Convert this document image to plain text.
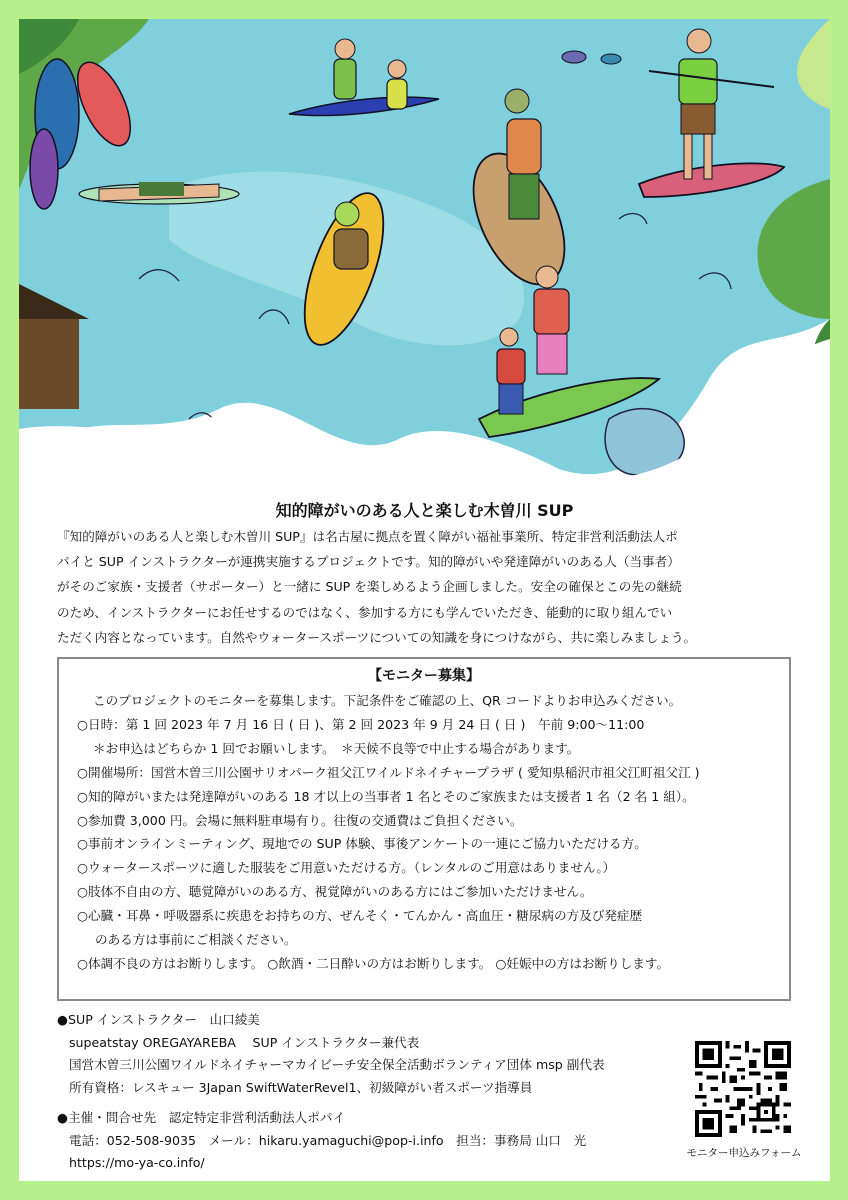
知的障がいのある人と楽しむ木曽川 SUP
『知的障がいのある人と楽しむ木曽川 SUP』は名古屋に拠点を置く障がい福祉事業所、特定非営利活動法人ポ
パイと SUP インストラクターが連携実施するプロジェクトです。知的障がいや発達障がいのある人（当事者）
がそのご家族・支援者（サポーター）と一緒に SUP を楽しめるよう企画しました。安全の確保とこの先の継続
のため、インストラクターにお任せするのではなく、参加する方にも学んでいただき、能動的に取り組んでい
ただく内容となっています。自然やウォータースポーツについての知識を身につけながら、共に楽しみましょう。
【モニター募集】
このプロジェクトのモニターを募集します。下記条件をご確認の上、QR コードよりお申込みください。
○日時：第 1 回 2023 年 7 月 16 日 ( 日 )、第 2 回 2023 年 9 月 24 日 ( 日 )　午前 9:00〜11:00
＊お申込はどちらか 1 回でお願いします。　＊天候不良等で中止する場合があります。
○開催場所：国営木曽三川公園サリオパーク祖父江ワイルドネイチャープラザ ( 愛知県稲沢市祖父江町祖父江 )
○知的障がいまたは発達障がいのある 18 才以上の当事者 1 名とそのご家族または支援者 1 名（2 名 1 組）。
○参加費 3,000 円。会場に無料駐車場有り。往復の交通費はご負担ください。
○事前オンラインミーティング、現地での SUP 体験、事後アンケートの一連にご協力いただける方。
○ウォータースポーツに適した服装をご用意いただける方。（レンタルのご用意はありません。）
○肢体不自由の方、聴覚障がいのある方、視覚障がいのある方にはご参加いただけません。
○心臓・耳鼻・呼吸器系に疾患をお持ちの方、ぜんそく・てんかん・高血圧・糖尿病の方及び発症歴
のある方は事前にご相談ください。
○体調不良の方はお断りします。 ○飲酒・二日酔いの方はお断りします。 ○妊娠中の方はお断りします。
●SUP インストラクター　山口綾美
supeatstay OREGAYAREBA　 SUP インストラクター兼代表
国営木曽三川公園ワイルドネイチャーマカイビーチ安全保全活動ボランティア団体 msp 副代表
所有資格：レスキュー 3Japan SwiftWaterRevel1、初級障がい者スポーツ指導員
●主催・問合せ先　認定特定非営利活動法人ポパイ
電話：052-508-9035　メール：hikaru.yamaguchi@pop-i.info　担当：事務局 山口　光
https://mo-ya-co.info/
モニター申込みフォーム
